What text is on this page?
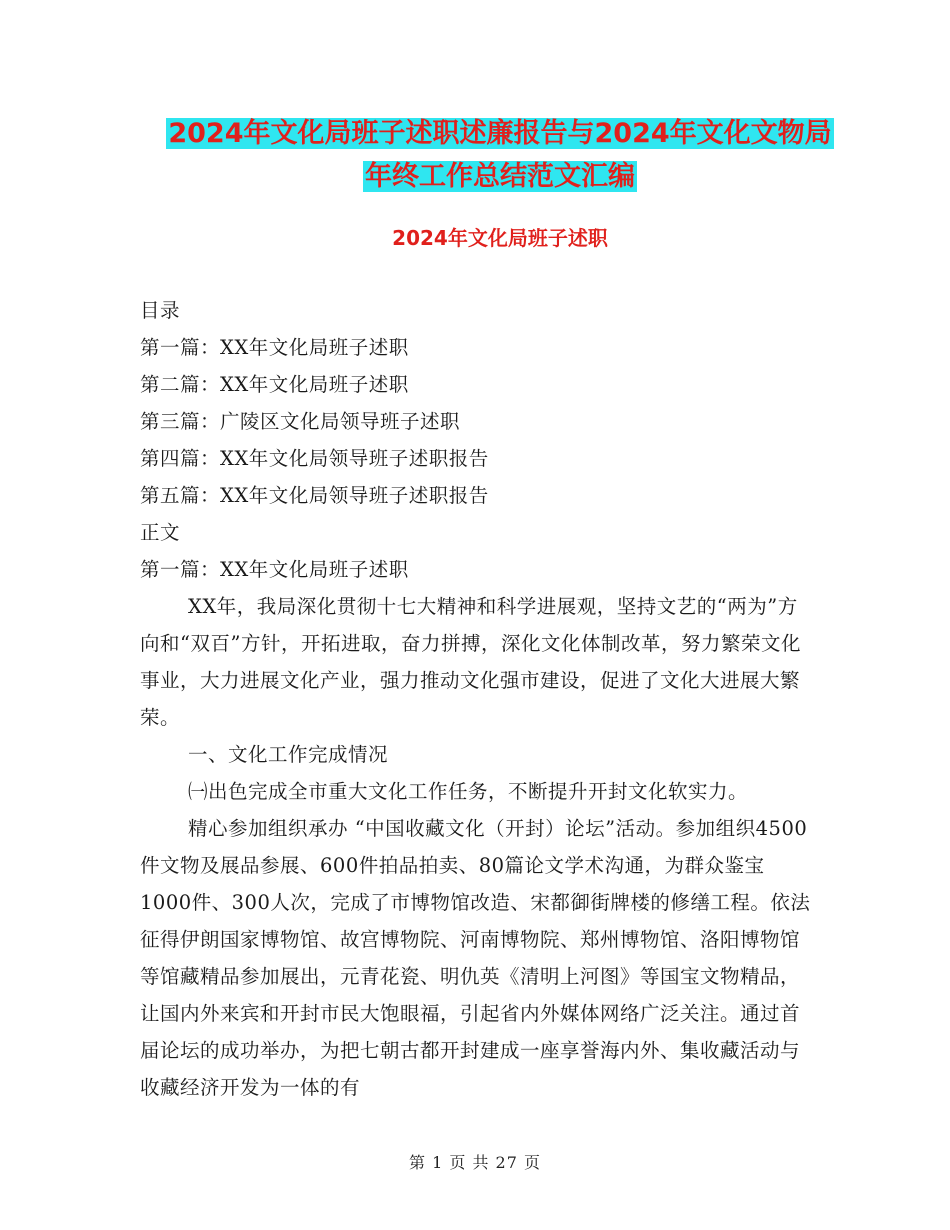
2024年文化局班子述职述廉报告与2024年文化文物局
年终工作总结范文汇编
2024年文化局班子述职

目录

第一篇：XX年文化局班子述职

第二篇：XX年文化局班子述职

第三篇：广陵区文化局领导班子述职

第四篇：XX年文化局领导班子述职报告

第五篇：XX年文化局领导班子述职报告

正文

第一篇：XX年文化局班子述职

XX年，我局深化贯彻十七大精神和科学进展观，坚持文艺的“两为”方向和“双百”方针，开拓进取，奋力拼搏，深化文化体制改革，努力繁荣文化事业，大力进展文化产业，强力推动文化强市建设，促进了文化大进展大繁荣。

一、文化工作完成情况

㈠出色完成全市重大文化工作任务，不断提升开封文化软实力。

精心参加组织承办 “中国收藏文化（开封）论坛”活动。参加组织4500件文物及展品参展、600件拍品拍卖、80篇论文学术沟通，为群众鉴宝1000件、300人次，完成了市博物馆改造、宋都御街牌楼的修缮工程。依法征得伊朗国家博物馆、故宫博物院、河南博物院、郑州博物馆、洛阳博物馆等馆藏精品参加展出，元青花瓷、明仇英《清明上河图》等国宝文物精品，让国内外来宾和开封市民大饱眼福，引起省内外媒体网络广泛关注。通过首届论坛的成功举办，为把七朝古都开封建成一座享誉海内外、集收藏活动与收藏经济开发为一体的有

第 1 页 共 27 页
